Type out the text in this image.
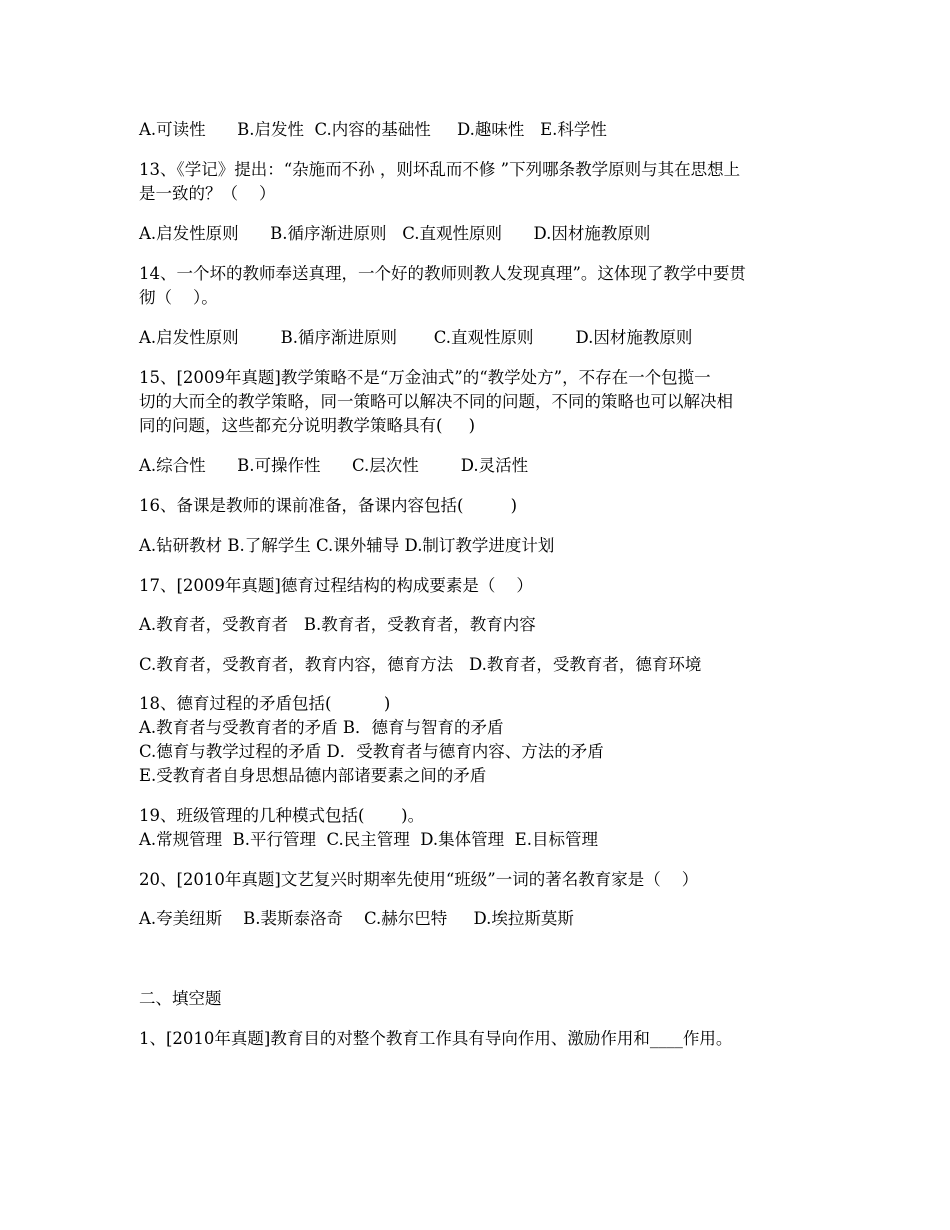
A.可读性      B.启发性  C.内容的基础性     D.趣味性   E.科学性
13、《学记》提出：“杂施而不孙 ，则坏乱而不修 ”下列哪条教学原则与其在思想上
是一致的？（    ）
A.启发性原则      B.循序渐进原则   C.直观性原则      D.因材施教原则
14、一个坏的教师奉送真理，一个好的教师则教人发现真理”。这体现了教学中要贯
彻（    ）。
A.启发性原则        B.循序渐进原则       C.直观性原则        D.因材施教原则
15、[2009年真题]教学策略不是“万金油式”的“教学处方”，不存在一个包揽一
切的大而全的教学策略，同一策略可以解决不同的问题，不同的策略也可以解决相
同的问题，这些都充分说明教学策略具有(     )
A.综合性      B.可操作性      C.层次性        D.灵活性
16、备课是教师的课前准备，备课内容包括(         )
A.钻研教材 B.了解学生 C.课外辅导 D.制订教学进度计划
17、[2009年真题]德育过程结构的构成要素是（    ）
A.教育者，受教育者   B.教育者，受教育者，教育内容
C.教育者，受教育者，教育内容，德育方法   D.教育者，受教育者，德育环境
18、德育过程的矛盾包括(          )
A.教育者与受教育者的矛盾 B．德育与智育的矛盾
C.德育与教学过程的矛盾 D．受教育者与德育内容、方法的矛盾
E.受教育者自身思想品德内部诸要素之间的矛盾
19、班级管理的几种模式包括(       )。
A.常规管理  B.平行管理  C.民主管理  D.集体管理  E.目标管理
20、[2010年真题]文艺复兴时期率先使用“班级”一词的著名教育家是（    ）
A.夸美纽斯    B.裴斯泰洛奇    C.赫尔巴特     D.埃拉斯莫斯
二、填空题
1、[2010年真题]教育目的对整个教育工作具有导向作用、激励作用和____作用。
